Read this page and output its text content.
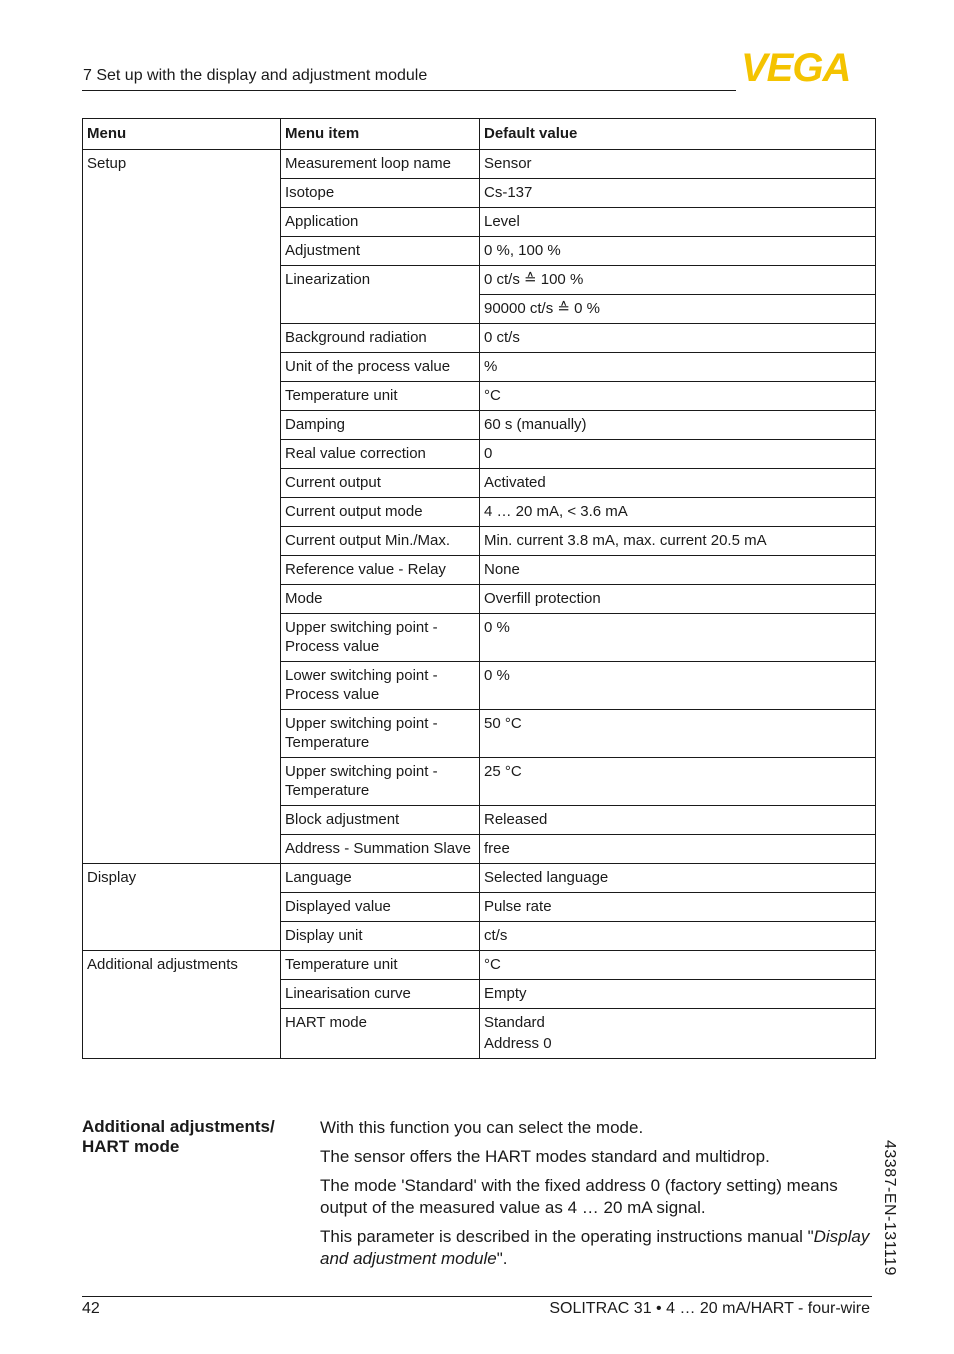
7 Set up with the display and adjustment module	VEGA
Menu	Menu item	Default value
Setup	Measurement loop name	Sensor
	Isotope	Cs-137
	Application	Level
	Adjustment	0 %, 100 %
	Linearization	0 ct/s ≙ 100 %
		90000 ct/s ≙ 0 %
	Background radiation	0 ct/s
	Unit of the process value	%
	Temperature unit	°C
	Damping	60 s (manually)
	Real value correction	0
	Current output	Activated
	Current output mode	4 … 20 mA, < 3.6 mA
	Current output Min./Max.	Min. current 3.8 mA, max. current 20.5 mA
	Reference value - Relay	None
	Mode	Overfill protection
	Upper switching point - Process value	0 %
	Lower switching point - Process value	0 %
	Upper switching point - Temperature	50 °C
	Upper switching point - Temperature	25 °C
	Block adjustment	Released
	Address - Summation Slave	free
Display	Language	Selected language
	Displayed value	Pulse rate
	Display unit	ct/s
Additional adjustments	Temperature unit	°C
	Linearisation curve	Empty
	HART mode	Standard
		Address 0
Additional adjustments/ HART mode

With this function you can select the mode.

The sensor offers the HART modes standard and multidrop.

The mode 'Standard' with the fixed address 0 (factory setting) means output of the measured value as 4 … 20 mA signal.

This parameter is described in the operating instructions manual "Display and adjustment module".	43387-EN-131119
42	SOLITRAC 31 • 4 … 20 mA/HART - four-wire
